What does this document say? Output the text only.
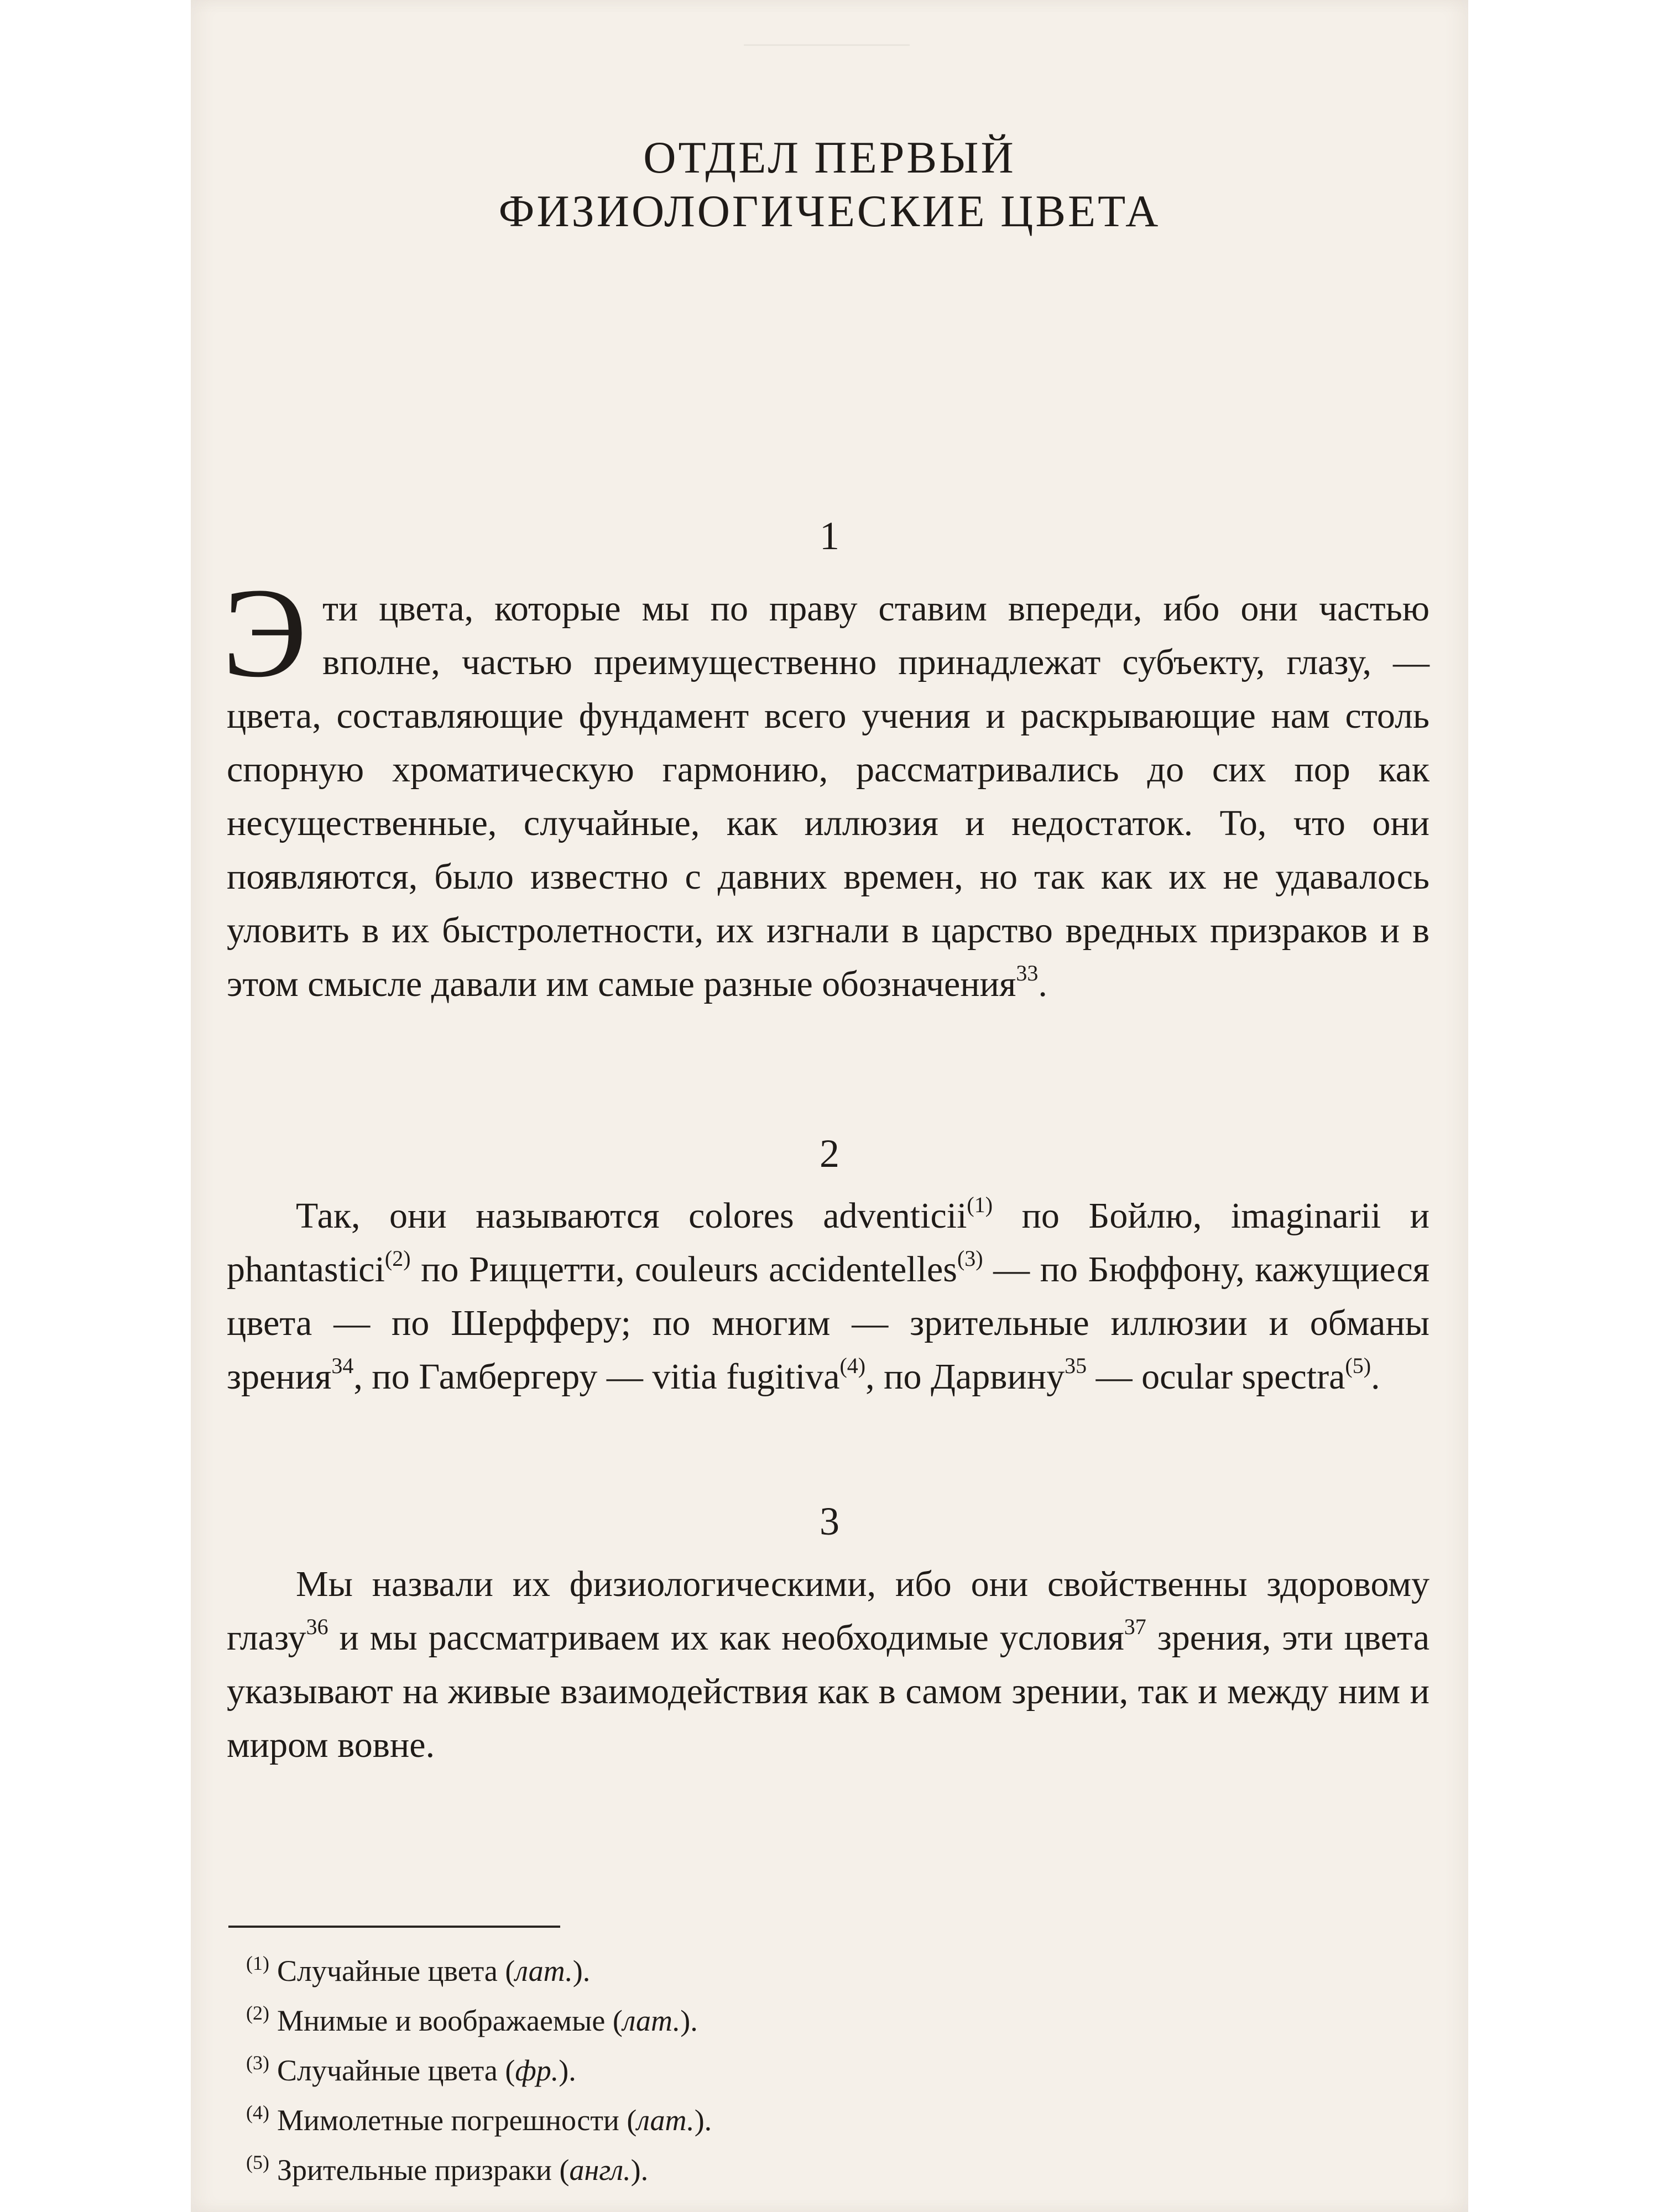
ОТДЕЛ ПЕРВЫЙ
ФИЗИОЛОГИЧЕСКИЕ ЦВЕТА
1

Эти цвета, которые мы по праву ставим впереди, ибо они частью вполне, частью преимущественно принадлежат субъекту, глазу, — цвета, составляющие фундамент всего учения и раскрывающие нам столь спорную хроматическую гармонию, рассматривались до сих пор как несущественные, случайные, как иллюзия и недостаток. То, что они появляются, было известно с давних времен, но так как их не удавалось уловить в их быстролетности, их изгнали в царство вредных призраков и в этом смысле давали им самые разные обозначения$^{33}$.

2

Так, они называются colores adventicii$^{(1)}$ по Бойлю, imaginarii и phantastici$^{(2)}$ по Риццетти, couleurs accidentelles$^{(3)}$ — по Бюффону, кажущиеся цвета — по Шерфферу; по многим — зрительные иллюзии и обманы зрения$^{34}$, по Гамбергеру — vitia fugitiva$^{(4)}$, по Дарвину$^{35}$ — ocular spectra$^{(5)}$.

3

Мы назвали их физиологическими, ибо они свойственны здоровому глазу$^{36}$ и мы рассматриваем их как необходимые условия$^{37}$ зрения, эти цвета указывают на живые взаимодействия как в самом зрении, так и между ним и миром вовне.

$^{(1)}$ Случайные цвета (лат.).
$^{(2)}$ Мнимые и воображаемые (лат.).
$^{(3)}$ Случайные цвета (фр.).
$^{(4)}$ Мимолетные погрешности (лат.).
$^{(5)}$ Зрительные призраки (англ.).
